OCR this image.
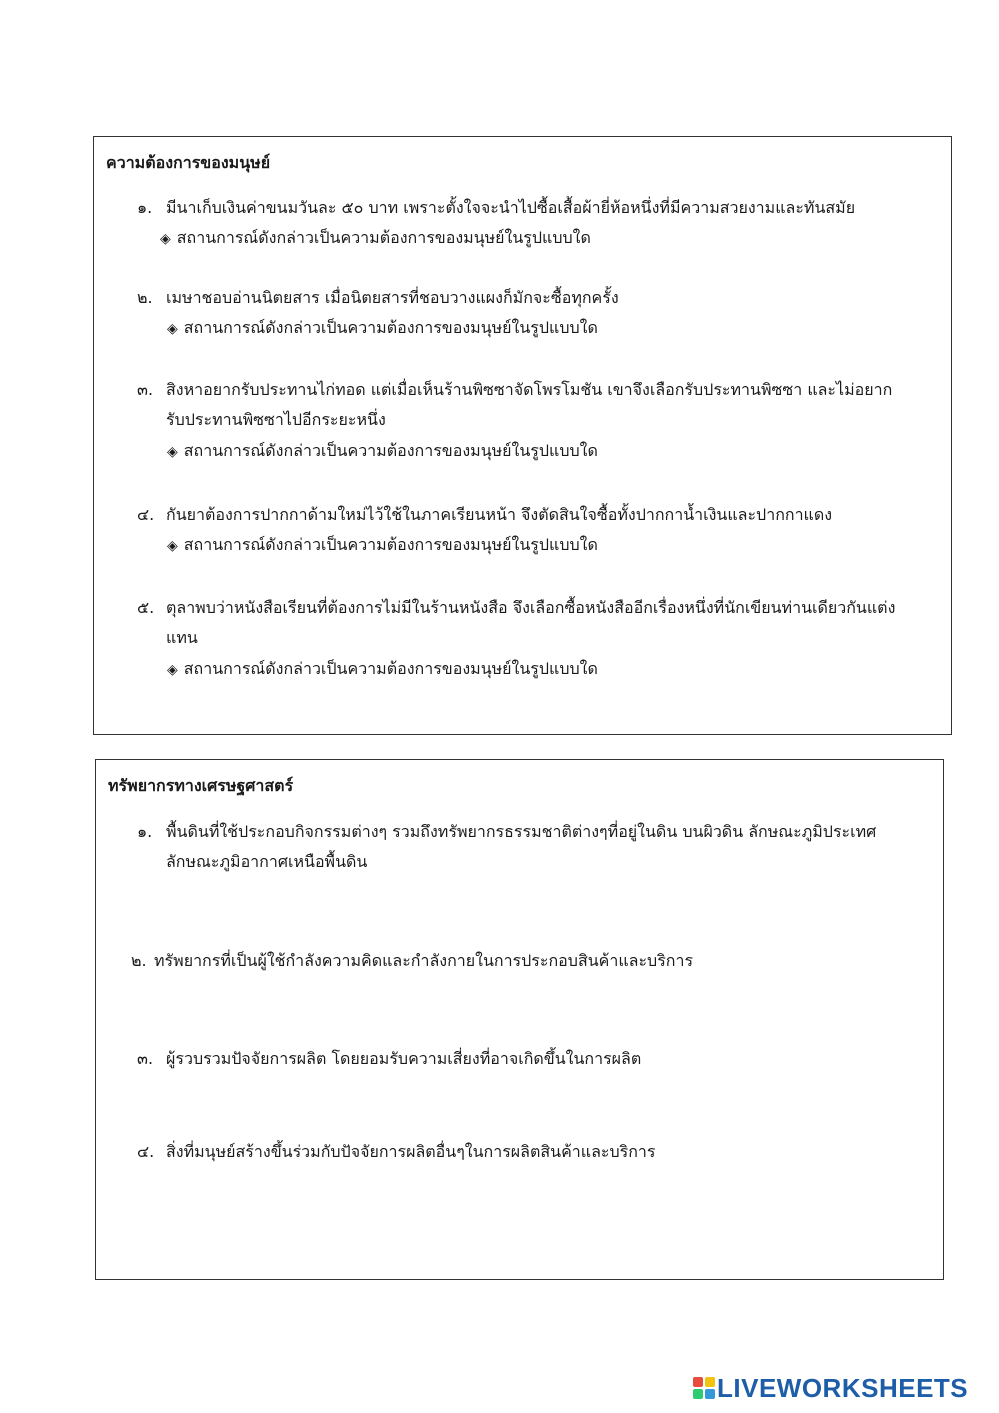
ความต้องการของมนุษย์
๑. มีนาเก็บเงินค่าขนมวันละ ๕๐ บาท เพราะตั้งใจจะนำไปซื้อเสื้อผ้ายี่ห้อหนึ่งที่มีความสวยงามและทันสมัย
◈ สถานการณ์ดังกล่าวเป็นความต้องการของมนุษย์ในรูปแบบใด
๒. เมษาชอบอ่านนิตยสาร เมื่อนิตยสารที่ชอบวางแผงก็มักจะซื้อทุกครั้ง
◈ สถานการณ์ดังกล่าวเป็นความต้องการของมนุษย์ในรูปแบบใด
๓. สิงหาอยากรับประทานไก่ทอด แต่เมื่อเห็นร้านพิซซาจัดโพรโมชัน เขาจึงเลือกรับประทานพิซซา และไม่อยาก
รับประทานพิซซาไปอีกระยะหนึ่ง
◈ สถานการณ์ดังกล่าวเป็นความต้องการของมนุษย์ในรูปแบบใด
๔. กันยาต้องการปากกาด้ามใหม่ไว้ใช้ในภาคเรียนหน้า จึงตัดสินใจซื้อทั้งปากกาน้ำเงินและปากกาแดง
◈ สถานการณ์ดังกล่าวเป็นความต้องการของมนุษย์ในรูปแบบใด
๕. ตุลาพบว่าหนังสือเรียนที่ต้องการไม่มีในร้านหนังสือ จึงเลือกซื้อหนังสืออีกเรื่องหนึ่งที่นักเขียนท่านเดียวกันแต่ง
แทน
◈ สถานการณ์ดังกล่าวเป็นความต้องการของมนุษย์ในรูปแบบใด
ทรัพยากรทางเศรษฐศาสตร์
๑. พื้นดินที่ใช้ประกอบกิจกรรมต่างๆ รวมถึงทรัพยากรธรรมชาติต่างๆที่อยู่ในดิน บนผิวดิน ลักษณะภูมิประเทศ
ลักษณะภูมิอากาศเหนือพื้นดิน
๒. ทรัพยากรที่เป็นผู้ใช้กำลังความคิดและกำลังกายในการประกอบสินค้าและบริการ
๓. ผู้รวบรวมปัจจัยการผลิต โดยยอมรับความเสี่ยงที่อาจเกิดขึ้นในการผลิต
๔. สิ่งที่มนุษย์สร้างขึ้นร่วมกับปัจจัยการผลิตอื่นๆในการผลิตสินค้าและบริการ
LIVEWORKSHEETS
